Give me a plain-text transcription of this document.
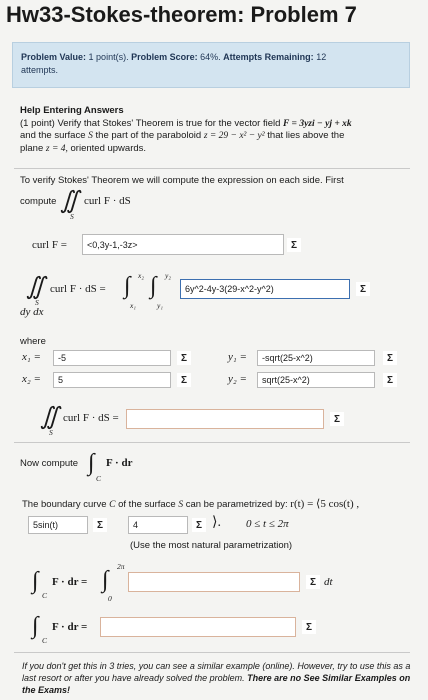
Hw33-Stokes-theorem: Problem 7
Problem Value: 1 point(s). Problem Score: 64%. Attempts Remaining: 12
attempts.
Help Entering Answers
(1 point) Verify that Stokes' Theorem is true for the vector field F = 3yzi − yj + xk
and the surface S the part of the paraboloid z = 29 − x² − y² that lies above the
plane z = 4, oriented upwards.
To verify Stokes' Theorem we will compute the expression on each side. First
compute ∬
S
curl F · dS
curl F = <0,3y-1,-3z>	Σ
∬
S
curl F · dS = ∫ x₂
x₁
∫ y₂
y₁
6y^2-4y-3(29-x^2-y^2)	Σ
dy dx
where
x₁ = -5	Σ
x₂ = 5	Σ
y₁ = -sqrt(25-x^2)	Σ
y₂ = sqrt(25-x^2)	Σ
∬
S
curl F · dS =	Σ
Now compute ∫
C
F · dr
The boundary curve C of the surface S can be parametrized by: r(t) = ⟨5 cos(t) ,
5sin(t)	Σ	4	Σ ⟩. 0 ≤ t ≤ 2π
(Use the most natural parametrization)
∫
C
F · dr = ∫
2π
0
Σ dt
∫
C
F · dr =	Σ
If you don't get this in 3 tries, you can see a similar example (online). However, try to use this as a last resort or after you have already solved the problem. There are no See Similar Examples on the Exams!
